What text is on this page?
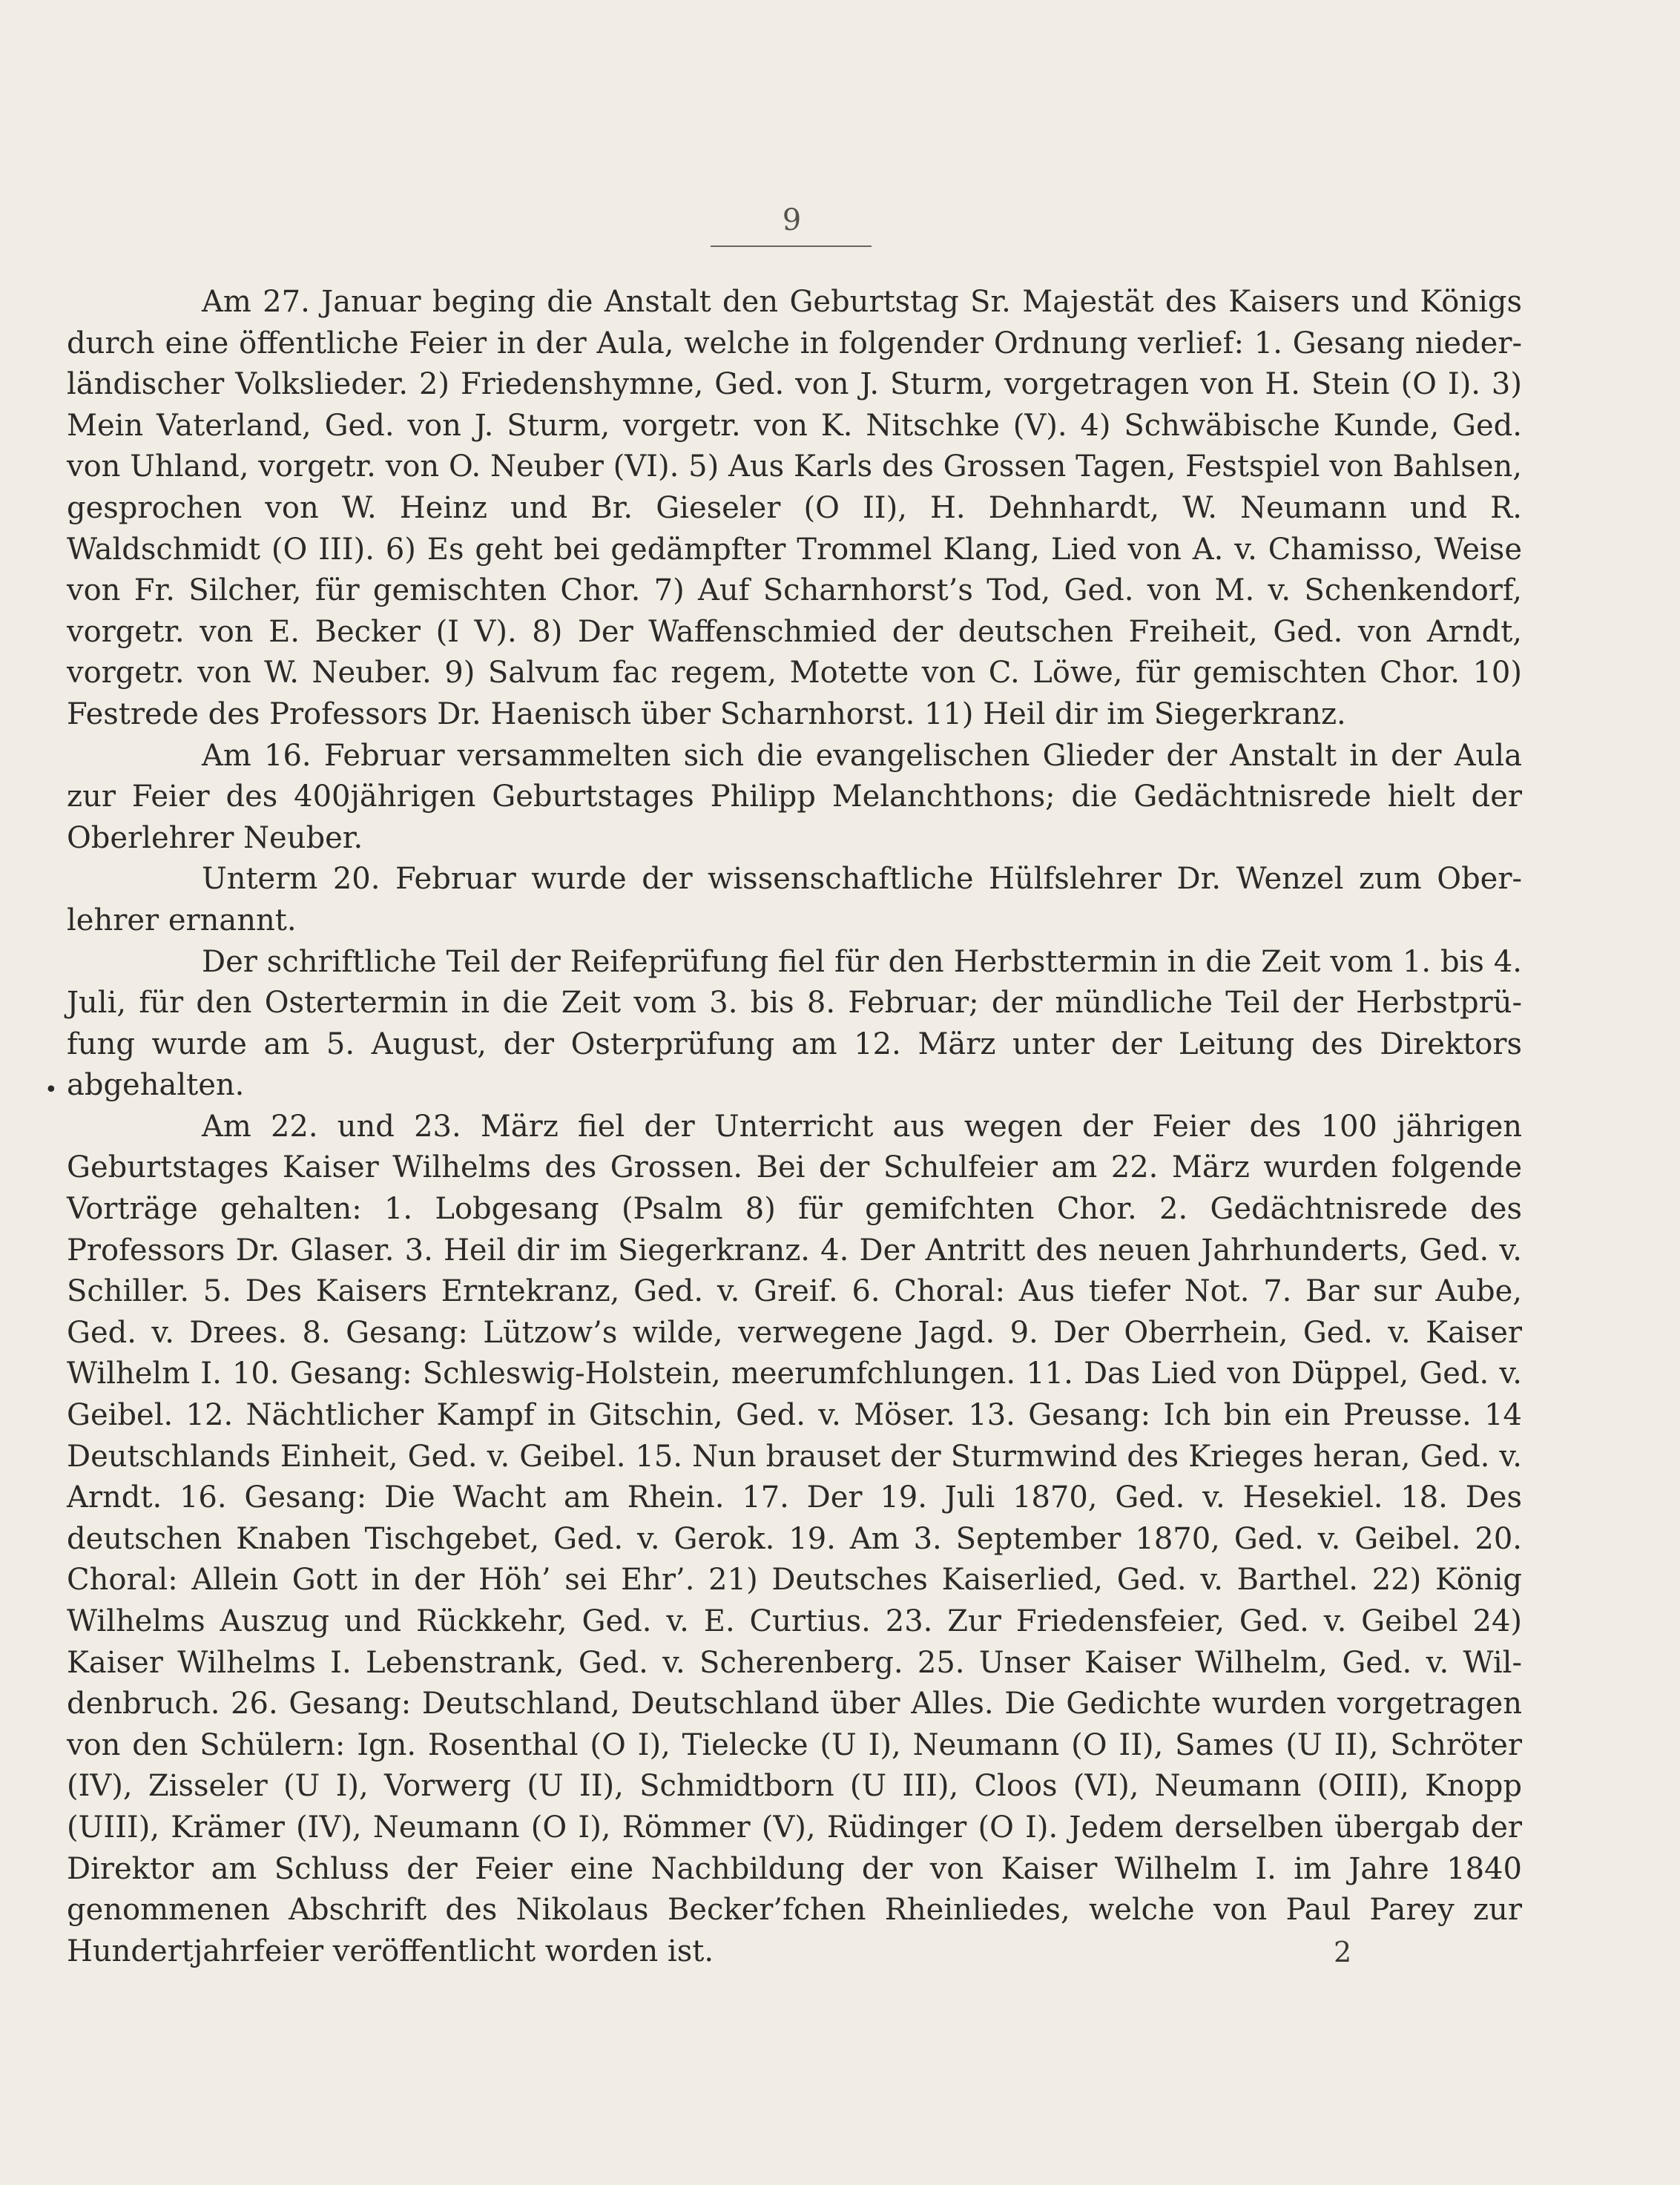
9

Am 27. Januar beging die Anstalt den Geburtstag Sr. Majestät des Kaisers und Königs durch eine öffentliche Feier in der Aula, welche in folgender Ordnung verlief: 1. Gesang niederländischer Volkslieder. 2) Friedenshymne, Ged. von J. Sturm, vorgetragen von H. Stein (O I). 3) Mein Vaterland, Ged. von J. Sturm, vorgetr. von K. Nitschke (V). 4) Schwäbische Kunde, Ged. von Uhland, vorgetr. von O. Neuber (VI). 5) Aus Karls des Grossen Tagen, Festspiel von Bahlsen, gesprochen von W. Heinz und Br. Gieseler (O II), H. Dehnhardt, W. Neumann und R. Waldschmidt (O III). 6) Es geht bei gedämpfter Trommel Klang, Lied von A. v. Chamisso, Weise von Fr. Silcher, für gemischten Chor. 7) Auf Scharnhorst’s Tod, Ged. von M. v. Schenkendorf, vorgetr. von E. Becker (I V). 8) Der Waffenschmied der deutschen Freiheit, Ged. von Arndt, vorgetr. von W. Neuber. 9) Salvum fac regem, Motette von C. Löwe, für gemischten Chor. 10) Festrede des Professors Dr. Haenisch über Scharnhorst. 11) Heil dir im Siegerkranz.

Am 16. Februar versammelten sich die evangelischen Glieder der Anstalt in der Aula zur Feier des 400jährigen Geburtstages Philipp Melanchthons; die Gedächtnisrede hielt der Oberlehrer Neuber.

Unterm 20. Februar wurde der wissenschaftliche Hülfslehrer Dr. Wenzel zum Oberlehrer ernannt.

Der schriftliche Teil der Reifeprüfung fiel für den Herbsttermin in die Zeit vom 1. bis 4. Juli, für den Ostertermin in die Zeit vom 3. bis 8. Februar; der mündliche Teil der Herbstprüfung wurde am 5. August, der Osterprüfung am 12. März unter der Leitung des Direktors abgehalten.

Am 22. und 23. März fiel der Unterricht aus wegen der Feier des 100 jährigen Geburtstages Kaiser Wilhelms des Grossen. Bei der Schulfeier am 22. März wurden folgende Vorträge gehalten: 1. Lobgesang (Psalm 8) für gemifchten Chor. 2. Gedächtnisrede des Professors Dr. Glaser. 3. Heil dir im Siegerkranz. 4. Der Antritt des neuen Jahrhunderts, Ged. v. Schiller. 5. Des Kaisers Erntekranz, Ged. v. Greif. 6. Choral: Aus tiefer Not. 7. Bar sur Aube, Ged. v. Drees. 8. Gesang: Lützow’s wilde, verwegene Jagd. 9. Der Oberrhein, Ged. v. Kaiser Wilhelm I. 10. Gesang: Schleswig-Holstein, meerumfchlungen. 11. Das Lied von Düppel, Ged. v. Geibel. 12. Nächtlicher Kampf in Gitschin, Ged. v. Möser. 13. Gesang: Ich bin ein Preusse. 14 Deutschlands Einheit, Ged. v. Geibel. 15. Nun brauset der Sturmwind des Krieges heran, Ged. v. Arndt. 16. Gesang: Die Wacht am Rhein. 17. Der 19. Juli 1870, Ged. v. Hesekiel. 18. Des deutschen Knaben Tischgebet, Ged. v. Gerok. 19. Am 3. September 1870, Ged. v. Geibel. 20. Choral: Allein Gott in der Höh’ sei Ehr’. 21) Deutsches Kaiserlied, Ged. v. Barthel. 22) König Wilhelms Auszug und Rückkehr, Ged. v. E. Curtius. 23. Zur Friedensfeier, Ged. v. Geibel 24) Kaiser Wilhelms I. Lebenstrank, Ged. v. Scherenberg. 25. Unser Kaiser Wilhelm, Ged. v. Wildenbruch. 26. Gesang: Deutschland, Deutschland über Alles. Die Gedichte wurden vorgetragen von den Schülern: Ign. Rosenthal (O I), Tielecke (U I), Neumann (O II), Sames (U II), Schröter (IV), Zisseler (U I), Vorwerg (U II), Schmidtborn (U III), Cloos (VI), Neumann (OIII), Knopp (UIII), Krämer (IV), Neumann (O I), Römmer (V), Rüdinger (O I). Jedem derselben übergab der Direktor am Schluss der Feier eine Nachbildung der von Kaiser Wilhelm I. im Jahre 1840 genommenen Abschrift des Nikolaus Becker’fchen Rheinliedes, welche von Paul Parey zur Hundertjahrfeier veröffentlicht worden ist.

•
2
